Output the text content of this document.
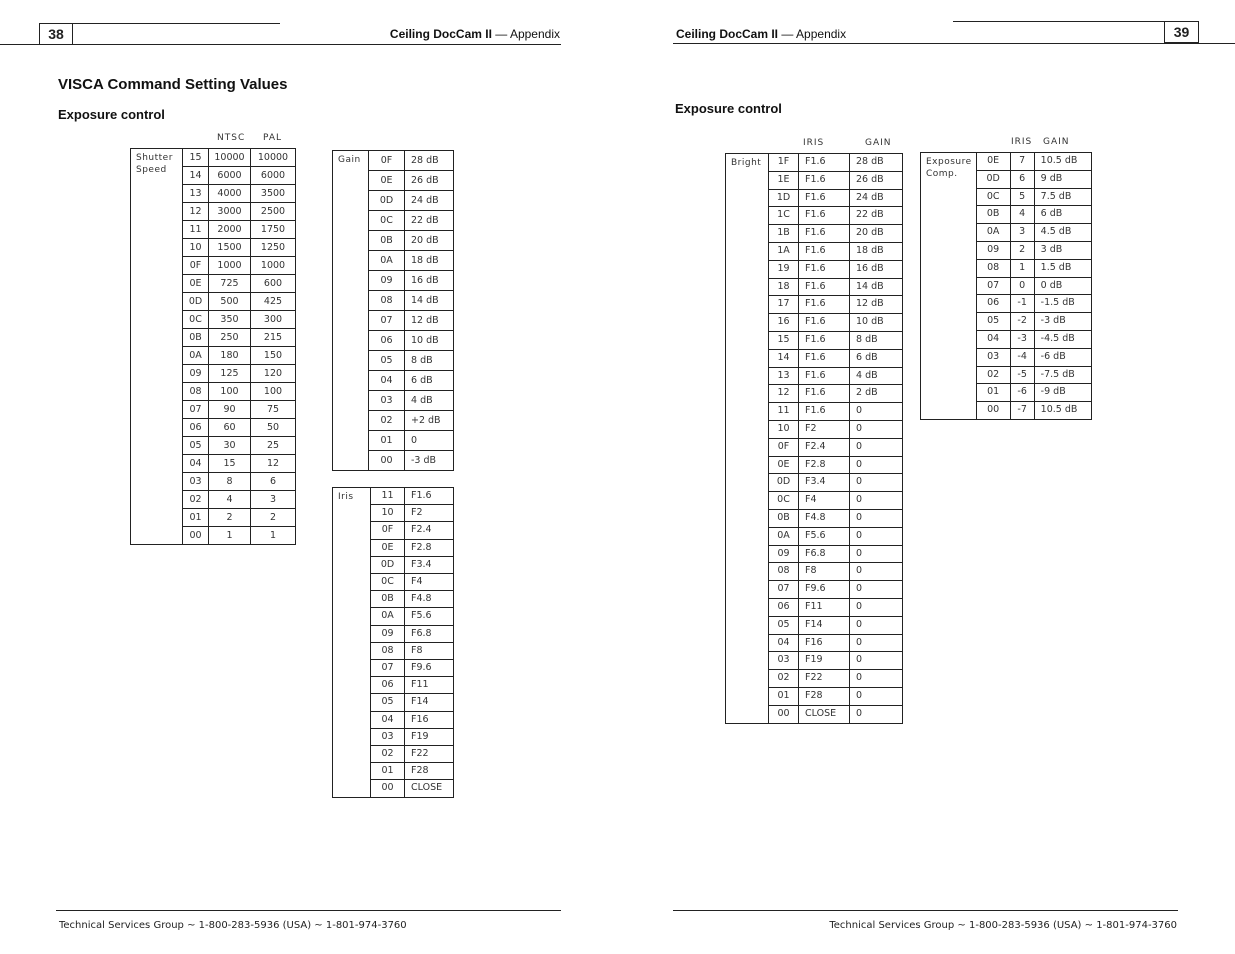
38	Ceiling DocCam II — Appendix
VISCA Command Setting Values
Exposure control
NTSC PAL
Shutter
Speed	15	10000	10000
	14	6000	6000
	13	4000	3500
	12	3000	2500
	11	2000	1750
	10	1500	1250
	0F	1000	1000
	0E	725	600
	0D	500	425
	0C	350	300
	0B	250	215
	0A	180	150
	09	125	120
	08	100	100
	07	90	75
	06	60	50
	05	30	25
	04	15	12
	03	8	6
	02	4	3
	01	2	2
	00	1	1
Gain	0F	28 dB
	0E	26 dB
	0D	24 dB
	0C	22 dB
	0B	20 dB
	0A	18 dB
	09	16 dB
	08	14 dB
	07	12 dB
	06	10 dB
	05	8 dB
	04	6 dB
	03	4 dB
	02	+2 dB
	01	0
	00	-3 dB
Iris	11	F1.6
	10	F2
	0F	F2.4
	0E	F2.8
	0D	F3.4
	0C	F4
	0B	F4.8
	0A	F5.6
	09	F6.8
	08	F8
	07	F9.6
	06	F11
	05	F14
	04	F16
	03	F19
	02	F22
	01	F28
	00	CLOSE
Technical Services Group ~ 1-800-283-5936 (USA) ~ 1-801-974-3760
39
Ceiling DocCam II — Appendix
Exposure control
IRIS	GAIN
Bright	1F	F1.6	28 dB
	1E	F1.6	26 dB
	1D	F1.6	24 dB
	1C	F1.6	22 dB
	1B	F1.6	20 dB
	1A	F1.6	18 dB
	19	F1.6	16 dB
	18	F1.6	14 dB
	17	F1.6	12 dB
	16	F1.6	10 dB
	15	F1.6	8 dB
	14	F1.6	6 dB
	13	F1.6	4 dB
	12	F1.6	2 dB
	11	F1.6	0
	10	F2	0
	0F	F2.4	0
	0E	F2.8	0
	0D	F3.4	0
	0C	F4	0
	0B	F4.8	0
	0A	F5.6	0
	09	F6.8	0
	08	F8	0
	07	F9.6	0
	06	F11	0
	05	F14	0
	04	F16	0
	03	F19	0
	02	F22	0
	01	F28	0
	00	CLOSE	0
IRIS GAIN
Exposure
Comp.	0E	7	10.5 dB
	0D	6	9 dB
	0C	5	7.5 dB
	0B	4	6 dB
	0A	3	4.5 dB
	09	2	3 dB
	08	1	1.5 dB
	07	0	0 dB
	06	-1	-1.5 dB
	05	-2	-3 dB
	04	-3	-4.5 dB
	03	-4	-6 dB
	02	-5	-7.5 dB
	01	-6	-9 dB
	00	-7	10.5 dB
Technical Services Group ~ 1-800-283-5936 (USA) ~ 1-801-974-3760
